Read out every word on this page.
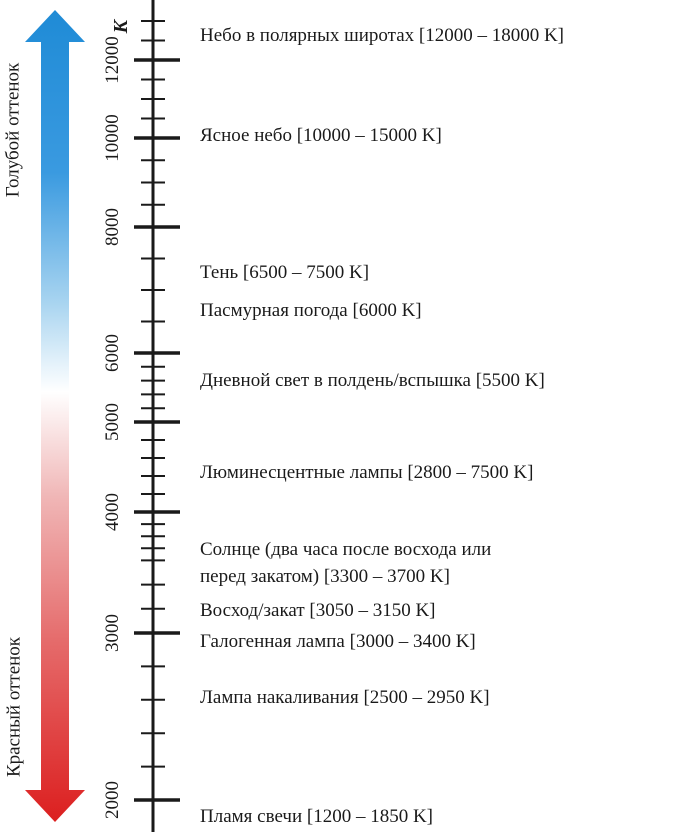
2000
3000
4000
5000
6000
8000
10000
12000
K
Голубой оттенок
Красный оттенок
Небо в полярных широтах [12000 – 18000 K]
Ясное небо [10000 – 15000 K]
Тень [6500 – 7500 K]
Пасмурная погода [6000 K]
Дневной свет в полдень/вспышка [5500 K]
Люминесцентные лампы [2800 – 7500 K]
Солнце (два часа после восхода или
перед закатом) [3300 – 3700 K]
Восход/закат [3050 – 3150 K]
Галогенная лампа [3000 – 3400 K]
Лампа накаливания [2500 – 2950 K]
Пламя свечи [1200 – 1850 K]
